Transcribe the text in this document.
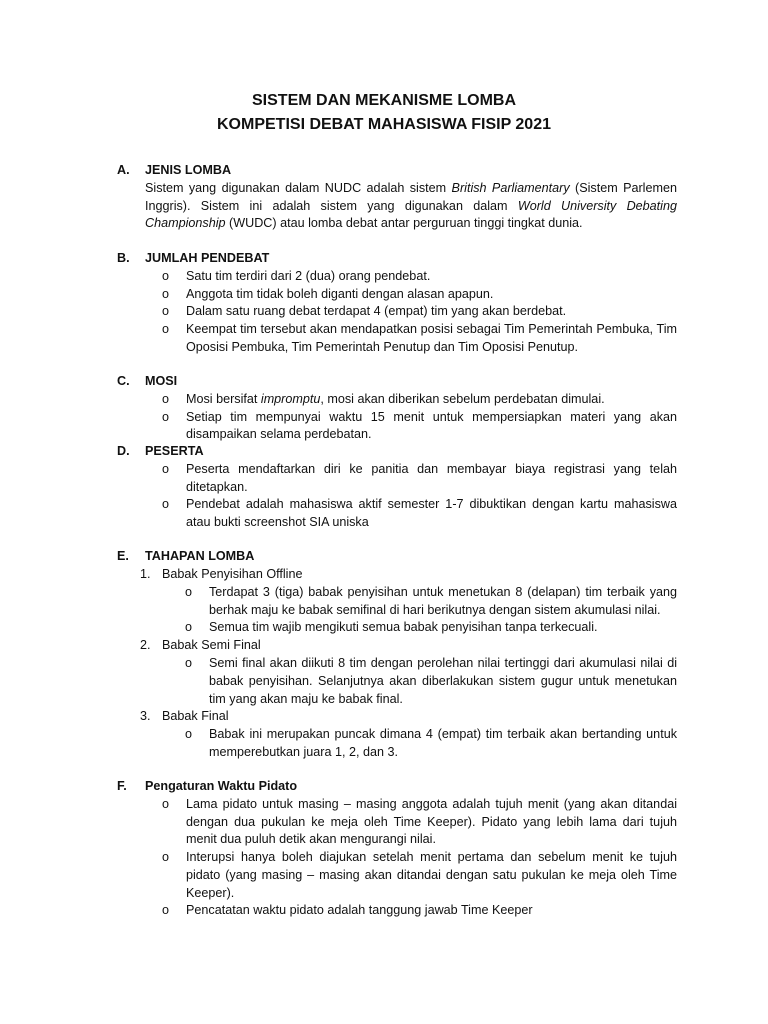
SISTEM DAN MEKANISME LOMBA
KOMPETISI DEBAT MAHASISWA FISIP 2021
A. JENIS LOMBA
Sistem yang digunakan dalam NUDC adalah sistem British Parliamentary (Sistem Parlemen Inggris). Sistem ini adalah sistem yang digunakan dalam World University Debating Championship (WUDC) atau lomba debat antar perguruan tinggi tingkat dunia.
B. JUMLAH PENDEBAT
o Satu tim terdiri dari 2 (dua) orang pendebat.
o Anggota tim tidak boleh diganti dengan alasan apapun.
o Dalam satu ruang debat terdapat 4 (empat) tim yang akan berdebat.
o Keempat tim tersebut akan mendapatkan posisi sebagai Tim Pemerintah Pembuka, Tim Oposisi Pembuka, Tim Pemerintah Penutup dan Tim Oposisi Penutup.
C. MOSI
o Mosi bersifat impromptu, mosi akan diberikan sebelum perdebatan dimulai.
o Setiap tim mempunyai waktu 15 menit untuk mempersiapkan materi yang akan disampaikan selama perdebatan.
D. PESERTA
o Peserta mendaftarkan diri ke panitia dan membayar biaya registrasi yang telah ditetapkan.
o Pendebat adalah mahasiswa aktif semester 1-7 dibuktikan dengan kartu mahasiswa atau bukti screenshot SIA uniska
E. TAHAPAN LOMBA
1. Babak Penyisihan Offline
o Terdapat 3 (tiga) babak penyisihan untuk menetukan 8 (delapan) tim terbaik yang berhak maju ke babak semifinal di hari berikutnya dengan sistem akumulasi nilai.
o Semua tim wajib mengikuti semua babak penyisihan tanpa terkecuali.
2. Babak Semi Final
o Semi final akan diikuti 8 tim dengan perolehan nilai tertinggi dari akumulasi nilai di babak penyisihan. Selanjutnya akan diberlakukan sistem gugur untuk menetukan tim yang akan maju ke babak final.
3. Babak Final
o Babak ini merupakan puncak dimana 4 (empat) tim terbaik akan bertanding untuk memperebutkan juara 1, 2, dan 3.
F. Pengaturan Waktu Pidato
o Lama pidato untuk masing – masing anggota adalah tujuh menit (yang akan ditandai dengan dua pukulan ke meja oleh Time Keeper). Pidato yang lebih lama dari tujuh menit dua puluh detik akan mengurangi nilai.
o Interupsi hanya boleh diajukan setelah menit pertama dan sebelum menit ke tujuh pidato (yang masing – masing akan ditandai dengan satu pukulan ke meja oleh Time Keeper).
o Pencatatan waktu pidato adalah tanggung jawab Time Keeper
